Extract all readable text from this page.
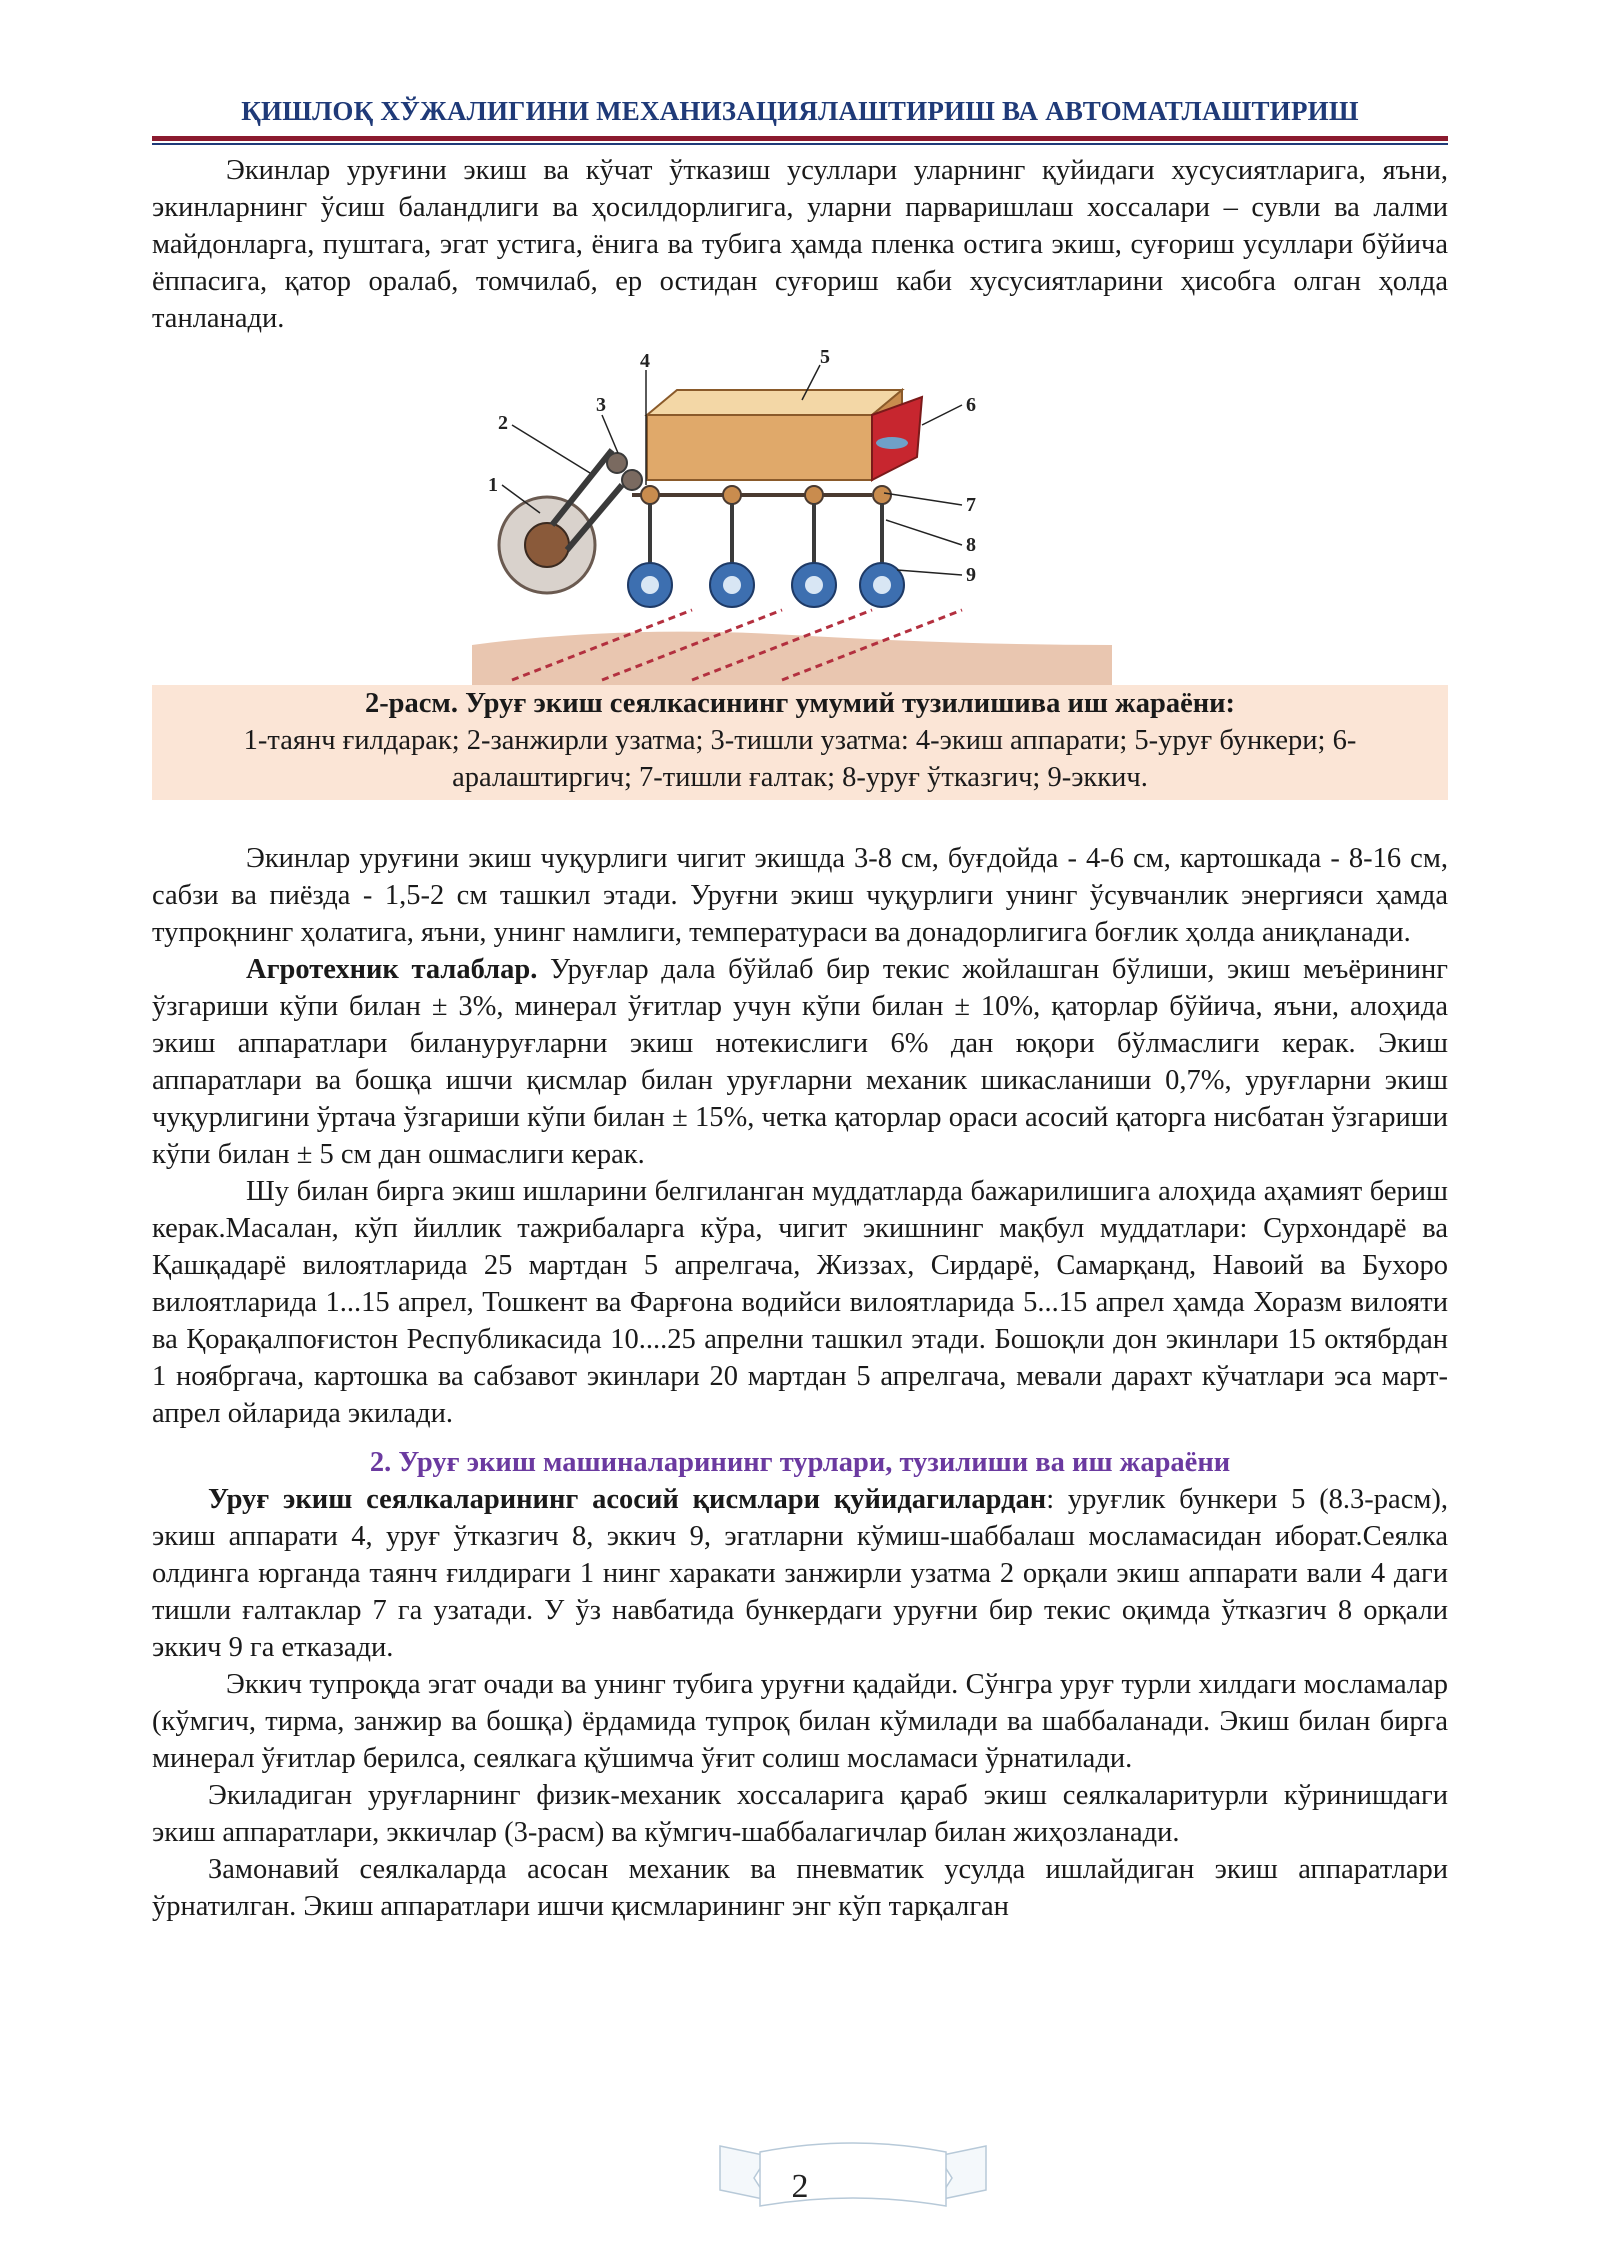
ҚИШЛОҚ ХЎЖАЛИГИНИ МЕХАНИЗАЦИЯЛАШТИРИШ ВА АВТОМАТЛАШТИРИШ

Экинлар уруғини экиш ва кўчат ўтказиш усуллари уларнинг қуйидаги хусусиятларига, яъни, экинларнинг ўсиш баландлиги ва ҳосилдорлигига, уларни парваришлаш хоссалари – сувли ва лалми майдонларга, пуштага, эгат устига, ёнига ва тубига ҳамда пленка остига экиш, суғориш усуллари бўйича ёппасига, қатор оралаб, томчилаб, ер остидан суғориш каби хусусиятларини ҳисобга олган ҳолда танланади.

1
2
3
4	5
6
7
8
9
2-расм. Уруғ экиш сеялкасининг умумий тузилишива иш жараёни:
1-таянч ғилдарак; 2-занжирли узатма; 3-тишли узатма: 4-экиш аппарати; 5-уруғ бункери; 6-аралаштиргич; 7-тишли ғалтак; 8-уруғ ўтказгич; 9-эккич.

Экинлар уруғини экиш чуқурлиги чигит экишда 3-8 см, буғдойда - 4-6 см, картошкада - 8-16 см, сабзи ва пиёзда - 1,5-2 см ташкил этади. Уруғни экиш чуқурлиги унинг ўсувчанлик энергияси ҳамда тупроқнинг ҳолатига, яъни, унинг намлиги, температураси ва донадорлигига боғлик ҳолда аниқланади.

Агротехник талаблар. Уруғлар дала бўйлаб бир текис жойлашган бўлиши, экиш меъёрининг ўзгариши кўпи билан ± 3%, минерал ўғитлар учун кўпи билан ± 10%, қаторлар бўйича, яъни, алоҳида экиш аппаратлари билануруғларни экиш нотекислиги 6% дан юқори бўлмаслиги керак. Экиш аппаратлари ва бошқа ишчи қисмлар билан уруғларни механик шикасланиши 0,7%, уруғларни экиш чуқурлигини ўртача ўзгариши кўпи билан ± 15%, четка қаторлар ораси асосий қаторга нисбатан ўзгариши кўпи билан ± 5 см дан ошмаслиги керак.

Шу билан бирга экиш ишларини белгиланган муддатларда бажарилишига алоҳида аҳамият бериш керак.Масалан, кўп йиллик тажрибаларга кўра, чигит экишнинг мақбул муддатлари: Сурхондарё ва Қашқадарё вилоятларида 25 мартдан 5 апрелгача, Жиззах, Сирдарё, Самарқанд, Навоий ва Бухоро вилоятларида 1...15 апрел, Тошкент ва Фарғона водийси вилоятларида 5...15 апрел ҳамда Хоразм вилояти ва Қорақалпоғистон Республикасида 10....25 апрелни ташкил этади. Бошоқли дон экинлари 15 октябрдан 1 ноябргача, картошка ва сабзавот экинлари 20 мартдан 5 апрелгача, мевали дарахт кўчатлари эса март-апрел ойларида экилади.

2. Уруғ экиш машиналарининг турлари, тузилиши ва иш жараёни

Уруғ экиш сеялкаларининг асосий қисмлари қуйидагилардан: уруғлик бункери 5 (8.3-расм), экиш аппарати 4, уруғ ўтказгич 8, эккич 9, эгатларни кўмиш-шаббалаш мосламасидан иборат.Сеялка олдинга юрганда таянч ғилдираги 1 нинг харакати занжирли узатма 2 орқали экиш аппарати вали 4 даги тишли ғалтаклар 7 га узатади. У ўз навбатида бункердаги уруғни бир текис оқимда ўтказгич 8 орқали эккич 9 га етказади.

Эккич тупроқда эгат очади ва унинг тубига уруғни қадайди. Сўнгра уруғ турли хилдаги мосламалар (кўмгич, тирма, занжир ва бошқа) ёрдамида тупроқ билан кўмилади ва шаббаланади. Экиш билан бирга минерал ўғитлар берилса, сеялкага қўшимча ўғит солиш мосламаси ўрнатилади.

Экиладиган уруғларнинг физик-механик хоссаларига қараб экиш сеялкаларитурли кўринишдаги экиш аппаратлари, эккичлар (3-расм) ва кўмгич-шаббалагичлар билан жиҳозланади.

Замонавий сеялкаларда асосан механик ва пневматик усулда ишлайдиган экиш аппаратлари ўрнатилган. Экиш аппаратлари ишчи қисмларининг энг кўп тарқалган

2
